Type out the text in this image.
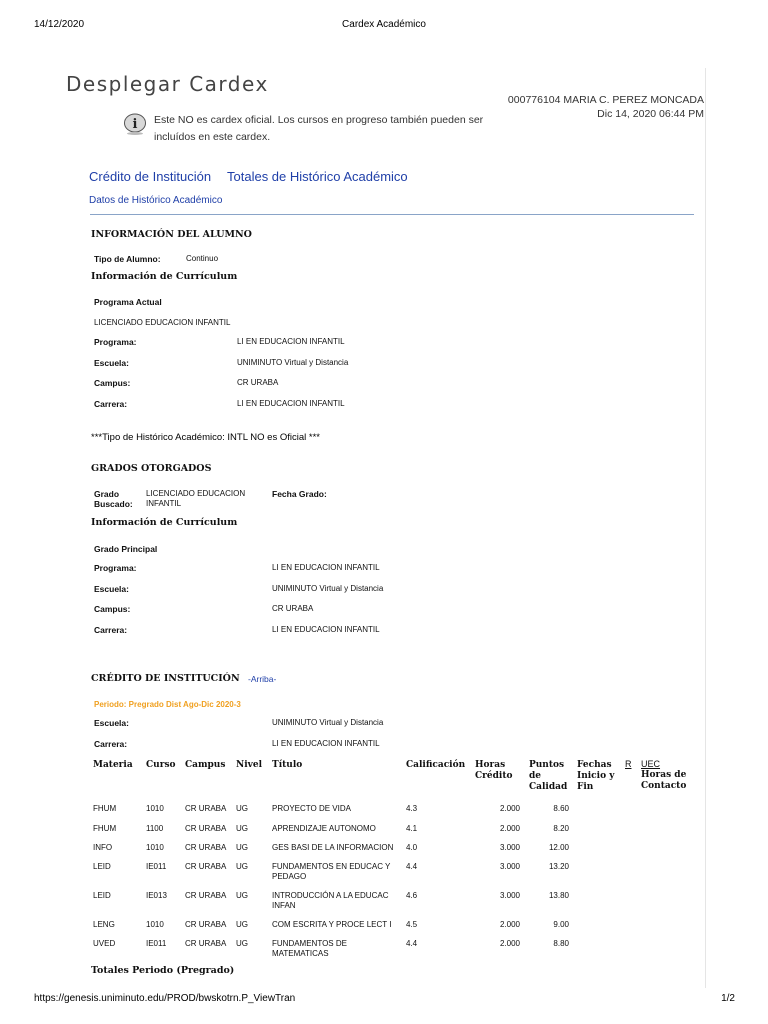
14/12/2020	Cardex Académico
Desplegar Cardex
000776104 MARIA C. PEREZ MONCADA
Dic 14, 2020 06:44 PM
i Este NO es cardex oficial. Los cursos en progreso también pueden ser incluídos en este cardex.
Crédito de Institución Totales de Histórico Académico
Datos de Histórico Académico
INFORMACIÓN DEL ALUMNO
Tipo de Alumno:	Continuo
Información de Currículum
Programa Actual
LICENCIADO EDUCACION INFANTIL
Programa:	LI EN EDUCACION INFANTIL
Escuela:	UNIMINUTO Virtual y Distancia
Campus:	CR URABA
Carrera:	LI EN EDUCACION INFANTIL
***Tipo de Histórico Académico: INTL NO es Oficial ***
GRADOS OTORGADOS
Grado Buscado:
LICENCIADO EDUCACION INFANTIL
Fecha Grado:
Información de Currículum
Grado Principal
Programa:	LI EN EDUCACION INFANTIL
Escuela:	UNIMINUTO Virtual y Distancia
Campus:	CR URABA
Carrera:	LI EN EDUCACION INFANTIL
CRÉDITO DE INSTITUCIÓN -Arriba-
Periodo: Pregrado Dist Ago-Dic 2020-3
Escuela:	UNIMINUTO Virtual y Distancia
Carrera:	LI EN EDUCACION INFANTIL
Materia Curso Campus Nivel Título	Calificación Horas Crédito
Puntos de Calidad
Fechas Inicio y Fin
R UEC
Horas de Contacto
FHUM	1010	CR URABA UG	PROYECTO DE VIDA	4.3	2.000	8.60
FHUM	1100	CR URABA UG	APRENDIZAJE AUTONOMO	4.1	2.000	8.20
INFO	1010	CR URABA UG	GES BASI DE LA INFORMACION 4.0	3.000	12.00
LEID	IE011 CR URABA UG	FUNDAMENTOS EN EDUCAC Y PEDAGO
4.4	3.000	13.20
LEID	IE013 CR URABA UG	INTRODUCCIÓN A LA EDUCAC INFAN
4.6	3.000	13.80
LENG	1010	CR URABA UG	COM ESCRITA Y PROCE LECT I 4.5	2.000	9.00
UVED	IE011 CR URABA UG	FUNDAMENTOS DE MATEMATICAS
4.4	2.000	8.80
Totales Periodo (Pregrado)
https://genesis.uniminuto.edu/PROD/bwskotrn.P_ViewTran	1/2
